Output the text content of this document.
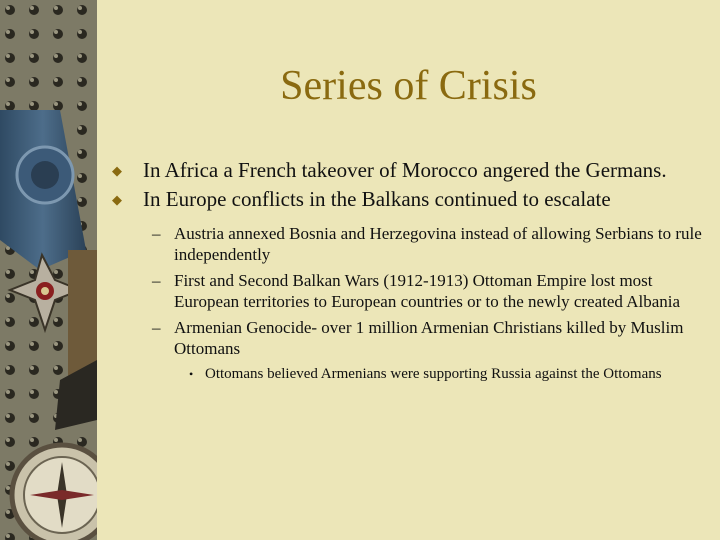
Series of Crisis
◆ In Africa a French takeover of Morocco angered the Germans.
◆ In Europe conflicts in the Balkans continued to escalate
– Austria annexed Bosnia and Herzegovina instead of allowing Serbians to rule independently
– First and Second Balkan Wars (1912-1913) Ottoman Empire lost most European territories to European countries or to the newly created Albania
– Armenian Genocide- over 1 million Armenian Christians killed by Muslim Ottomans
• Ottomans believed Armenians were supporting Russia against the Ottomans
